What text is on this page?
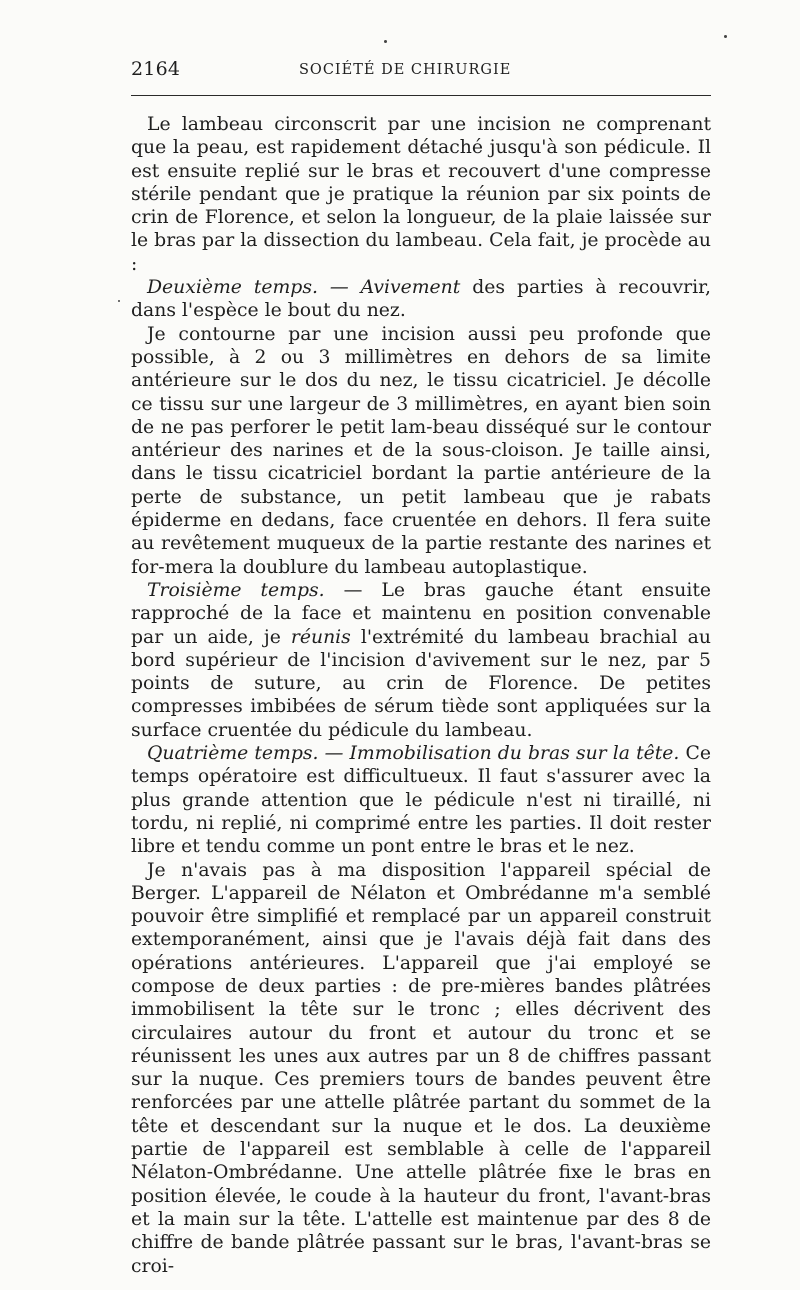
2164	SOCIÉTÉ DE CHIRURGIE

Le lambeau circonscrit par une incision ne comprenant que la peau, est rapidement détaché jusqu'à son pédicule. Il est ensuite replié sur le bras et recouvert d'une compresse stérile pendant que je pratique la réunion par six points de crin de Florence, et selon la longueur, de la plaie laissée sur le bras par la dissection du lambeau. Cela fait, je procède au :

Deuxième temps. — Avivement des parties à recouvrir, dans l'espèce le bout du nez.

Je contourne par une incision aussi peu profonde que possible, à 2 ou 3 millimètres en dehors de sa limite antérieure sur le dos du nez, le tissu cicatriciel. Je décolle ce tissu sur une largeur de 3 millimètres, en ayant bien soin de ne pas perforer le petit lam-beau disséqué sur le contour antérieur des narines et de la sous-cloison. Je taille ainsi, dans le tissu cicatriciel bordant la partie antérieure de la perte de substance, un petit lambeau que je rabats épiderme en dedans, face cruentée en dehors. Il fera suite au revêtement muqueux de la partie restante des narines et for-mera la doublure du lambeau autoplastique.

Troisième temps. — Le bras gauche étant ensuite rapproché de la face et maintenu en position convenable par un aide, je réunis l'extrémité du lambeau brachial au bord supérieur de l'incision d'avivement sur le nez, par 5 points de suture, au crin de Florence. De petites compresses imbibées de sérum tiède sont appliquées sur la surface cruentée du pédicule du lambeau.

Quatrième temps. — Immobilisation du bras sur la tête. Ce temps opératoire est difficultueux. Il faut s'assurer avec la plus grande attention que le pédicule n'est ni tiraillé, ni tordu, ni replié, ni comprimé entre les parties. Il doit rester libre et tendu comme un pont entre le bras et le nez.

Je n'avais pas à ma disposition l'appareil spécial de Berger. L'appareil de Nélaton et Ombrédanne m'a semblé pouvoir être simplifié et remplacé par un appareil construit extemporanément, ainsi que je l'avais déjà fait dans des opérations antérieures. L'appareil que j'ai employé se compose de deux parties : de pre-mières bandes plâtrées immobilisent la tête sur le tronc ; elles décrivent des circulaires autour du front et autour du tronc et se réunissent les unes aux autres par un 8 de chiffres passant sur la nuque. Ces premiers tours de bandes peuvent être renforcées par une attelle plâtrée partant du sommet de la tête et descendant sur la nuque et le dos. La deuxième partie de l'appareil est semblable à celle de l'appareil Nélaton-Ombrédanne. Une attelle plâtrée fixe le bras en position élevée, le coude à la hauteur du front, l'avant-bras et la main sur la tête. L'attelle est maintenue par des 8 de chiffre de bande plâtrée passant sur le bras, l'avant-bras se croi-
